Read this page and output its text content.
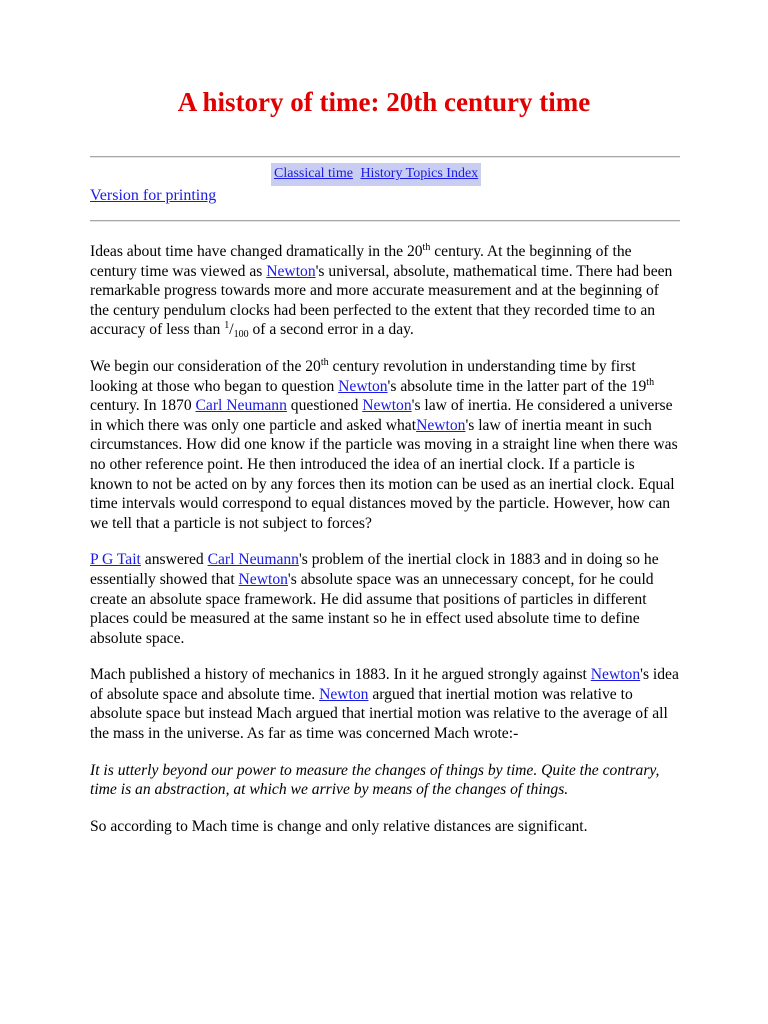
A history of time: 20th century time
Classical time History Topics Index
Version for printing

Ideas about time have changed dramatically in the 20th century. At the beginning of the century time was viewed as Newton's universal, absolute, mathematical time. There had been remarkable progress towards more and more accurate measurement and at the beginning of the century pendulum clocks had been perfected to the extent that they recorded time to an accuracy of less than $^1/_{100}$ of a second error in a day.

We begin our consideration of the 20th century revolution in understanding time by first looking at those who began to question Newton's absolute time in the latter part of the 19th century. In 1870 Carl Neumann questioned Newton's law of inertia. He considered a universe in which there was only one particle and asked whatNewton's law of inertia meant in such circumstances. How did one know if the particle was moving in a straight line when there was no other reference point. He then introduced the idea of an inertial clock. If a particle is known to not be acted on by any forces then its motion can be used as an inertial clock. Equal time intervals would correspond to equal distances moved by the particle. However, how can we tell that a particle is not subject to forces?

P G Tait answered Carl Neumann's problem of the inertial clock in 1883 and in doing so he essentially showed that Newton's absolute space was an unnecessary concept, for he could create an absolute space framework. He did assume that positions of particles in different places could be measured at the same instant so he in effect used absolute time to define absolute space.

Mach published a history of mechanics in 1883. In it he argued strongly against Newton's idea of absolute space and absolute time. Newton argued that inertial motion was relative to absolute space but instead Mach argued that inertial motion was relative to the average of all the mass in the universe. As far as time was concerned Mach wrote:-

It is utterly beyond our power to measure the changes of things by time. Quite the contrary, time is an abstraction, at which we arrive by means of the changes of things.

So according to Mach time is change and only relative distances are significant.
